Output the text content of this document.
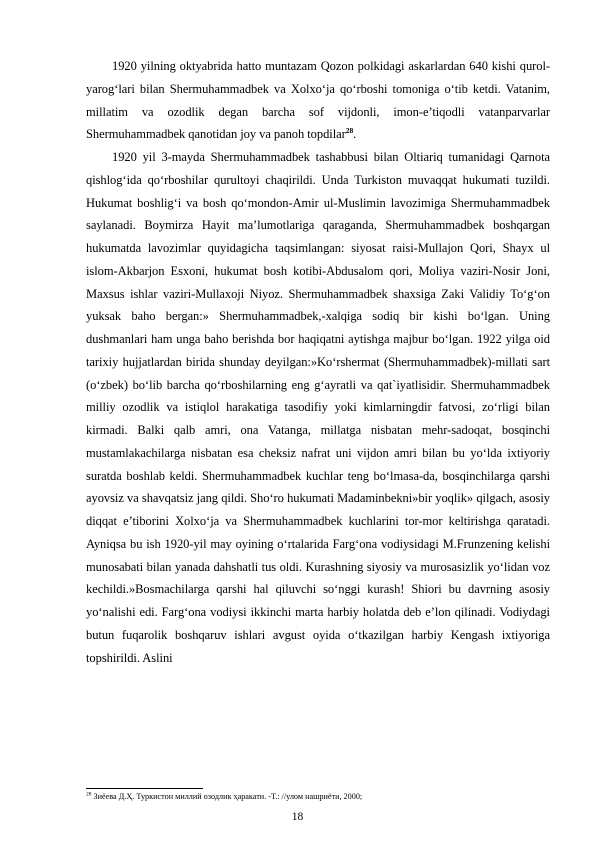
1920 yilning oktyabrida hatto muntazam Qozon polkidagi askarlardan 640 kishi qurol-yarog‘lari bilan Shermuhammadbek va Xolxo‘ja qo‘rboshi tomoniga o‘tib ketdi. Vatanim, millatim va ozodlik degan barcha sof vijdonli, imon-e’tiqodli vatanparvarlar Shermuhammadbek qanotidan joy va panoh topdilar$^{28}$.

1920 yil 3-mayda Shermuhammadbek tashabbusi bilan Oltiariq tumanidagi Qarnota qishlog‘ida qo‘rboshilar qurultoyi chaqirildi. Unda Turkiston muvaqqat hukumati tuzildi. Hukumat boshlig‘i va bosh qo‘mondon-Amir ul-Muslimin lavozimiga Shermuhammadbek saylanadi. Boymirza Hayit ma’lumotlariga qaraganda, Shermuhammadbek boshqargan hukumatda lavozimlar quyidagicha taqsimlangan: siyosat raisi-Mullajon Qori, Shayx ul islom-Akbarjon Esxoni, hukumat bosh kotibi-Abdusalom qori, Moliya vaziri-Nosir Joni, Maxsus ishlar vaziri-Mullaxoji Niyoz. Shermuhammadbek shaxsiga Zaki Validiy To‘g‘on yuksak baho bergan:» Shermuhammadbek,-xalqiga sodiq bir kishi bo‘lgan. Uning dushmanlari ham unga baho berishda bor haqiqatni aytishga majbur bo‘lgan. 1922 yilga oid tarixiy hujjatlardan birida shunday deyilgan:»Ko‘rshermat (Shermuhammadbek)-millati sart (o‘zbek) bo‘lib barcha qo‘rboshilarning eng g‘ayratli va qat`iyatlisidir. Shermuhammadbek milliy ozodlik va istiqlol harakatiga tasodifiy yoki kimlarningdir fatvosi, zo‘rligi bilan kirmadi. Balki qalb amri, ona Vatanga, millatga nisbatan mehr-sadoqat, bosqinchi mustamlakachilarga nisbatan esa cheksiz nafrat uni vijdon amri bilan bu yo‘lda ixtiyoriy suratda boshlab keldi. Shermuhammadbek kuchlar teng bo‘lmasa-da, bosqinchilarga qarshi ayovsiz va shavqatsiz jang qildi. Sho‘ro hukumati Madaminbekni»bir yoqlik» qilgach, asosiy diqqat e’tiborini Xolxo‘ja va Shermuhammadbek kuchlarini tor-mor keltirishga qaratadi. Ayniqsa bu ish 1920-yil may oyining o‘rtalarida Farg‘ona vodiysidagi M.Frunzening kelishi munosabati bilan yanada dahshatli tus oldi. Kurashning siyosiy va murosasizlik yo‘lidan voz kechildi.»Bosmachilarga qarshi hal qiluvchi so‘nggi kurash! Shiori bu davrning asosiy yo‘nalishi edi. Farg‘ona vodiysi ikkinchi marta harbiy holatda deb e’lon qilinadi. Vodiydagi butun fuqarolik boshqaruv ishlari avgust oyida o‘tkazilgan harbiy Kengash ixtiyoriga topshirildi. Aslini

$^{28}$ Зиёева Д.Ҳ. Туркистон миллий озодлик ҳаракати. -Т.: //улом нашриёти, 2000;
18
